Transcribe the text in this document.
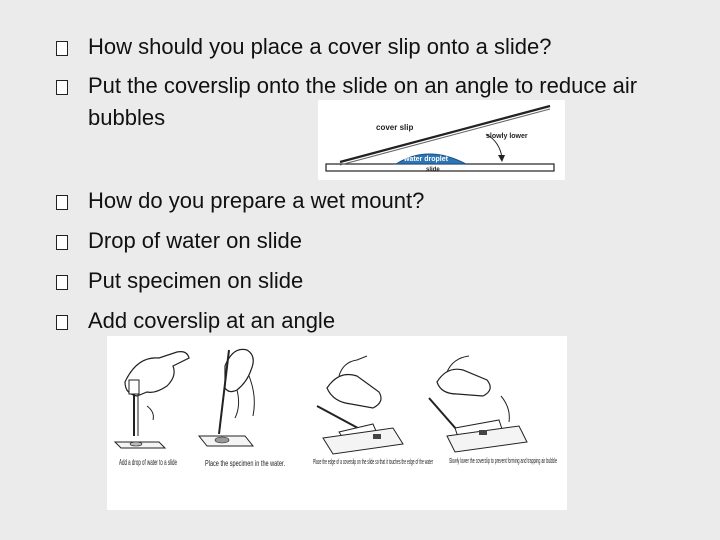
How should you place a cover slip onto a slide?
Put the coverslip onto the slide on an angle to reduce air bubbles
How do you prepare a wet mount?
Drop of water on slide
Put specimen on slide
Add coverslip at an angle
cover slip
slowly lower
water droplet
slide
Add a drop of water to a slide	Place the specimen in the water.	Place the edge of a coverslip on the slide so that it touches the edge of the water Slowly lower the coverslip to prevent forming and trapping air bubble
